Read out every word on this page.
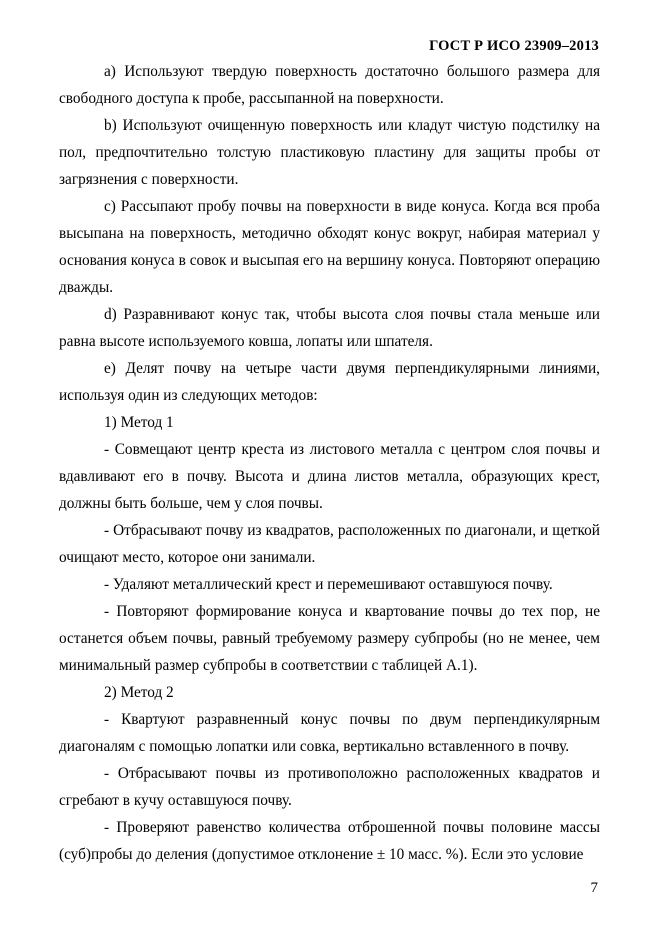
ГОСТ Р ИСО 23909–2013

a) Используют твердую поверхность достаточно большого размера для свободного доступа к пробе, рассыпанной на поверхности.

b) Используют очищенную поверхность или кладут чистую подстилку на пол, предпочтительно толстую пластиковую пластину для защиты пробы от загрязнения с поверхности.

c) Рассыпают пробу почвы на поверхности в виде конуса. Когда вся проба высыпана на поверхность, методично обходят конус вокруг, набирая материал у основания конуса в совок и высыпая его на вершину конуса. Повторяют операцию дважды.

d) Разравнивают конус так, чтобы высота слоя почвы стала меньше или равна высоте используемого ковша, лопаты или шпателя.

e) Делят почву на четыре части двумя перпендикулярными линиями, используя один из следующих методов:

1) Метод 1

- Совмещают центр креста из листового металла с центром слоя почвы и вдавливают его в почву. Высота и длина листов металла, образующих крест, должны быть больше, чем у слоя почвы.

- Отбрасывают почву из квадратов, расположенных по диагонали, и щеткой очищают место, которое они занимали.

- Удаляют металлический крест и перемешивают оставшуюся почву.

- Повторяют формирование конуса и квартование почвы до тех пор, не останется объем почвы, равный требуемому размеру субпробы (но не менее, чем минимальный размер субпробы в соответствии с таблицей А.1).

2) Метод 2

- Квартуют разравненный конус почвы по двум перпендикулярным диагоналям с помощью лопатки или совка, вертикально вставленного в почву.

- Отбрасывают почвы из противоположно расположенных квадратов и сгребают в кучу оставшуюся почву.

- Проверяют равенство количества отброшенной почвы половине массы (суб)пробы до деления (допустимое отклонение ± 10 масс. %). Если это условие

7
